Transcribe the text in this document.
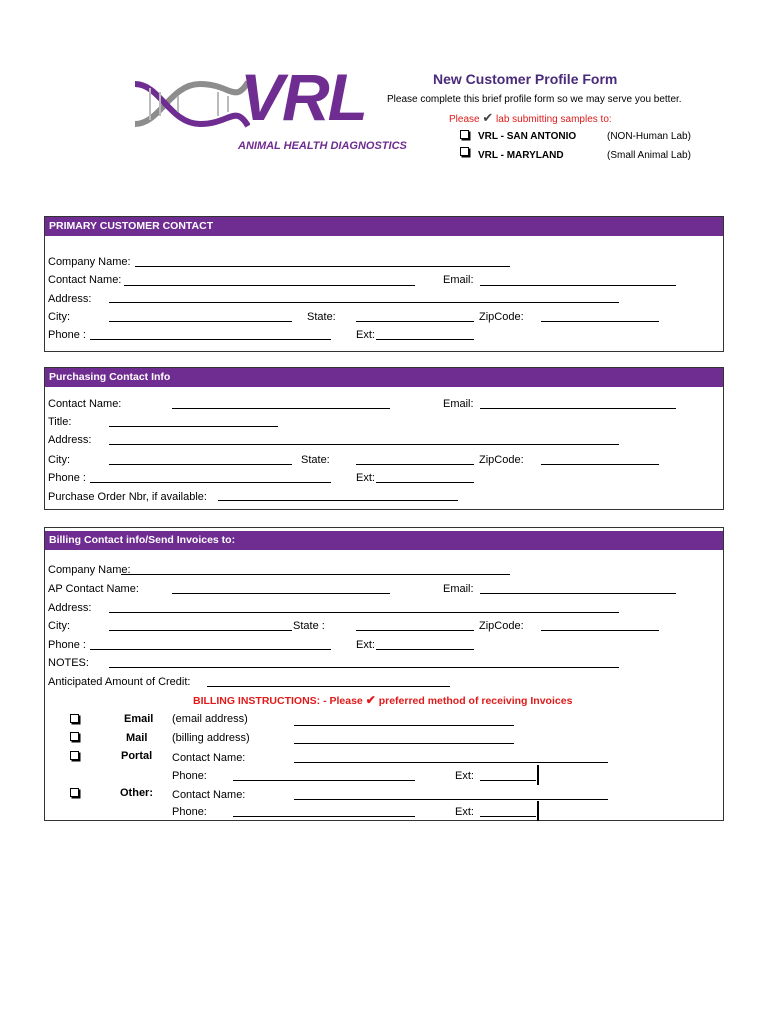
VRL
ANIMAL HEALTH DIAGNOSTICS
New Customer Profile Form
Please complete this brief profile form so we may serve you better.
Please ✔ lab submitting samples to:
VRL - SAN ANTONIO	(NON-Human Lab)
VRL - MARYLAND	(Small Animal Lab)
PRIMARY CUSTOMER CONTACT
Company Name:
Contact Name:	Email:
Address:
City:	State:	ZipCode:
Phone :	Ext:
Purchasing Contact Info
Contact Name:	Email:
Title:
Address:
City:	State:	ZipCode:
Phone :	Ext:
Purchase Order Nbr, if available:
Billing Contact info/Send Invoices to:
Company Name:
AP Contact Name:	Email:
Address:
City:	State :	ZipCode:
Phone :	Ext:
NOTES:
Anticipated Amount of Credit:
BILLING INSTRUCTIONS: - Please ✔ preferred method of receiving Invoices
Email (email address)
Mail (billing address)
Portal Contact Name:
Phone:	Ext:
Other: Contact Name:
Phone:	Ext:
